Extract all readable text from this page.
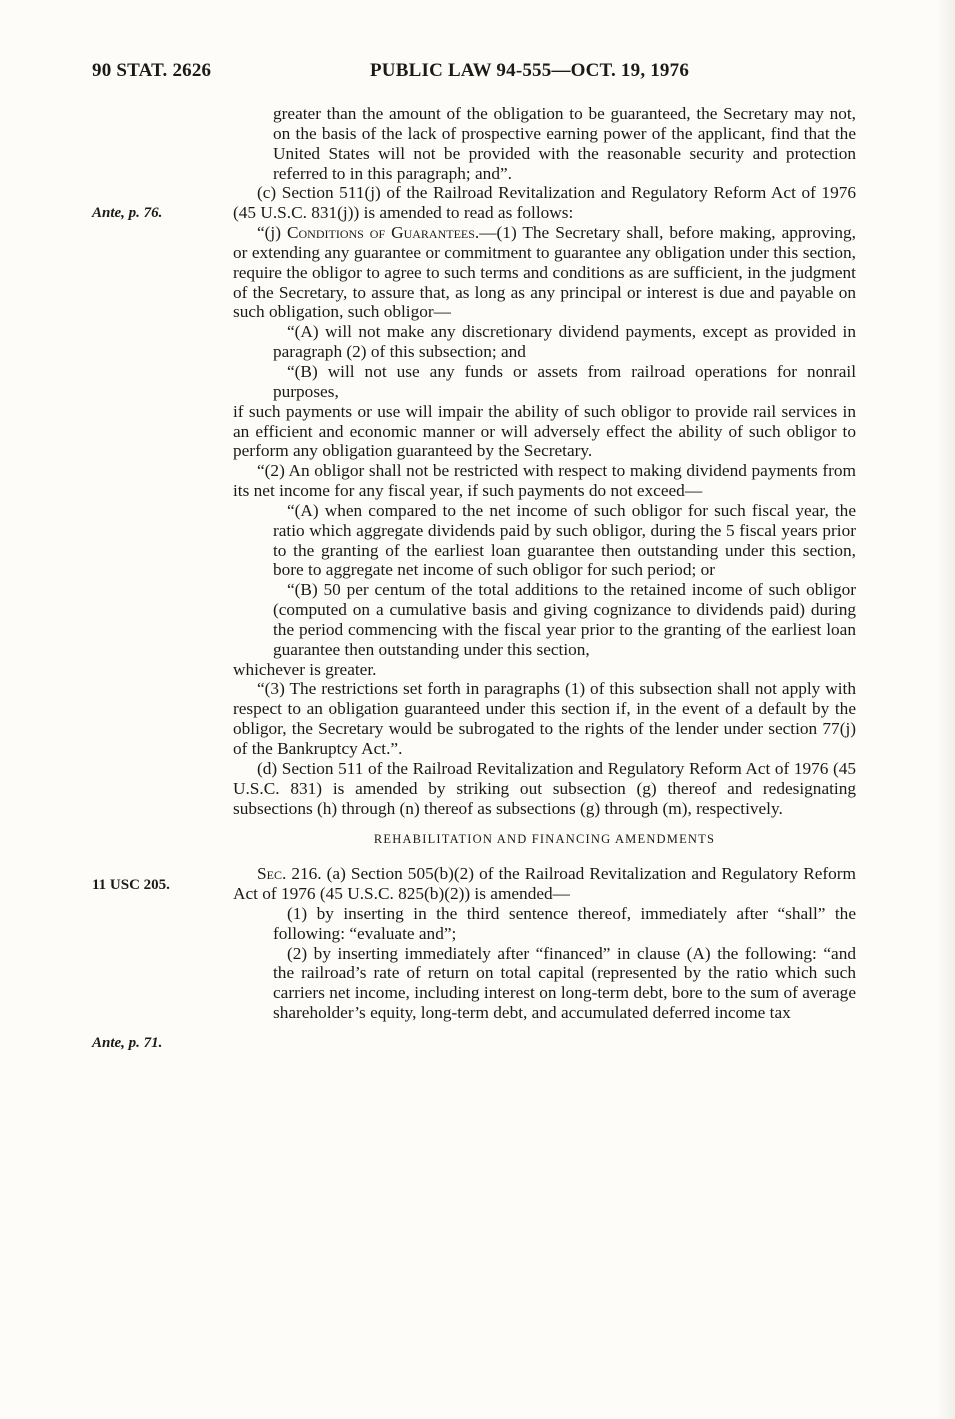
90 STAT. 2626	PUBLIC LAW 94-555—OCT. 19, 1976
Ante, p. 76.
11 USC 205.
Ante, p. 71.

greater than the amount of the obligation to be guaranteed, the Secretary may not, on the basis of the lack of prospective earning power of the applicant, find that the United States will not be provided with the reasonable security and protection referred to in this paragraph; and”.

(c) Section 511(j) of the Railroad Revitalization and Regulatory Reform Act of 1976 (45 U.S.C. 831(j)) is amended to read as follows:

“(j) Conditions of Guarantees.—(1) The Secretary shall, before making, approving, or extending any guarantee or commitment to guarantee any obligation under this section, require the obligor to agree to such terms and conditions as are sufficient, in the judgment of the Secretary, to assure that, as long as any principal or interest is due and payable on such obligation, such obligor—

“(A) will not make any discretionary dividend payments, except as provided in paragraph (2) of this subsection; and

“(B) will not use any funds or assets from railroad operations for nonrail purposes,

if such payments or use will impair the ability of such obligor to provide rail services in an efficient and economic manner or will adversely effect the ability of such obligor to perform any obligation guaranteed by the Secretary.

“(2) An obligor shall not be restricted with respect to making dividend payments from its net income for any fiscal year, if such payments do not exceed—

“(A) when compared to the net income of such obligor for such fiscal year, the ratio which aggregate dividends paid by such obligor, during the 5 fiscal years prior to the granting of the earliest loan guarantee then outstanding under this section, bore to aggregate net income of such obligor for such period; or

“(B) 50 per centum of the total additions to the retained income of such obligor (computed on a cumulative basis and giving cognizance to dividends paid) during the period commencing with the fiscal year prior to the granting of the earliest loan guarantee then outstanding under this section,

whichever is greater.

“(3) The restrictions set forth in paragraphs (1) of this subsection shall not apply with respect to an obligation guaranteed under this section if, in the event of a default by the obligor, the Secretary would be subrogated to the rights of the lender under section 77(j) of the Bankruptcy Act.”.

(d) Section 511 of the Railroad Revitalization and Regulatory Reform Act of 1976 (45 U.S.C. 831) is amended by striking out subsection (g) thereof and redesignating subsections (h) through (n) thereof as subsections (g) through (m), respectively.

REHABILITATION AND FINANCING AMENDMENTS

Sec. 216. (a) Section 505(b)(2) of the Railroad Revitalization and Regulatory Reform Act of 1976 (45 U.S.C. 825(b)(2)) is amended—

(1) by inserting in the third sentence thereof, immediately after “shall” the following: “evaluate and”;

(2) by inserting immediately after “financed” in clause (A) the following: “and the railroad’s rate of return on total capital (represented by the ratio which such carriers net income, including interest on long-term debt, bore to the sum of average shareholder’s equity, long-term debt, and accumulated deferred income tax
